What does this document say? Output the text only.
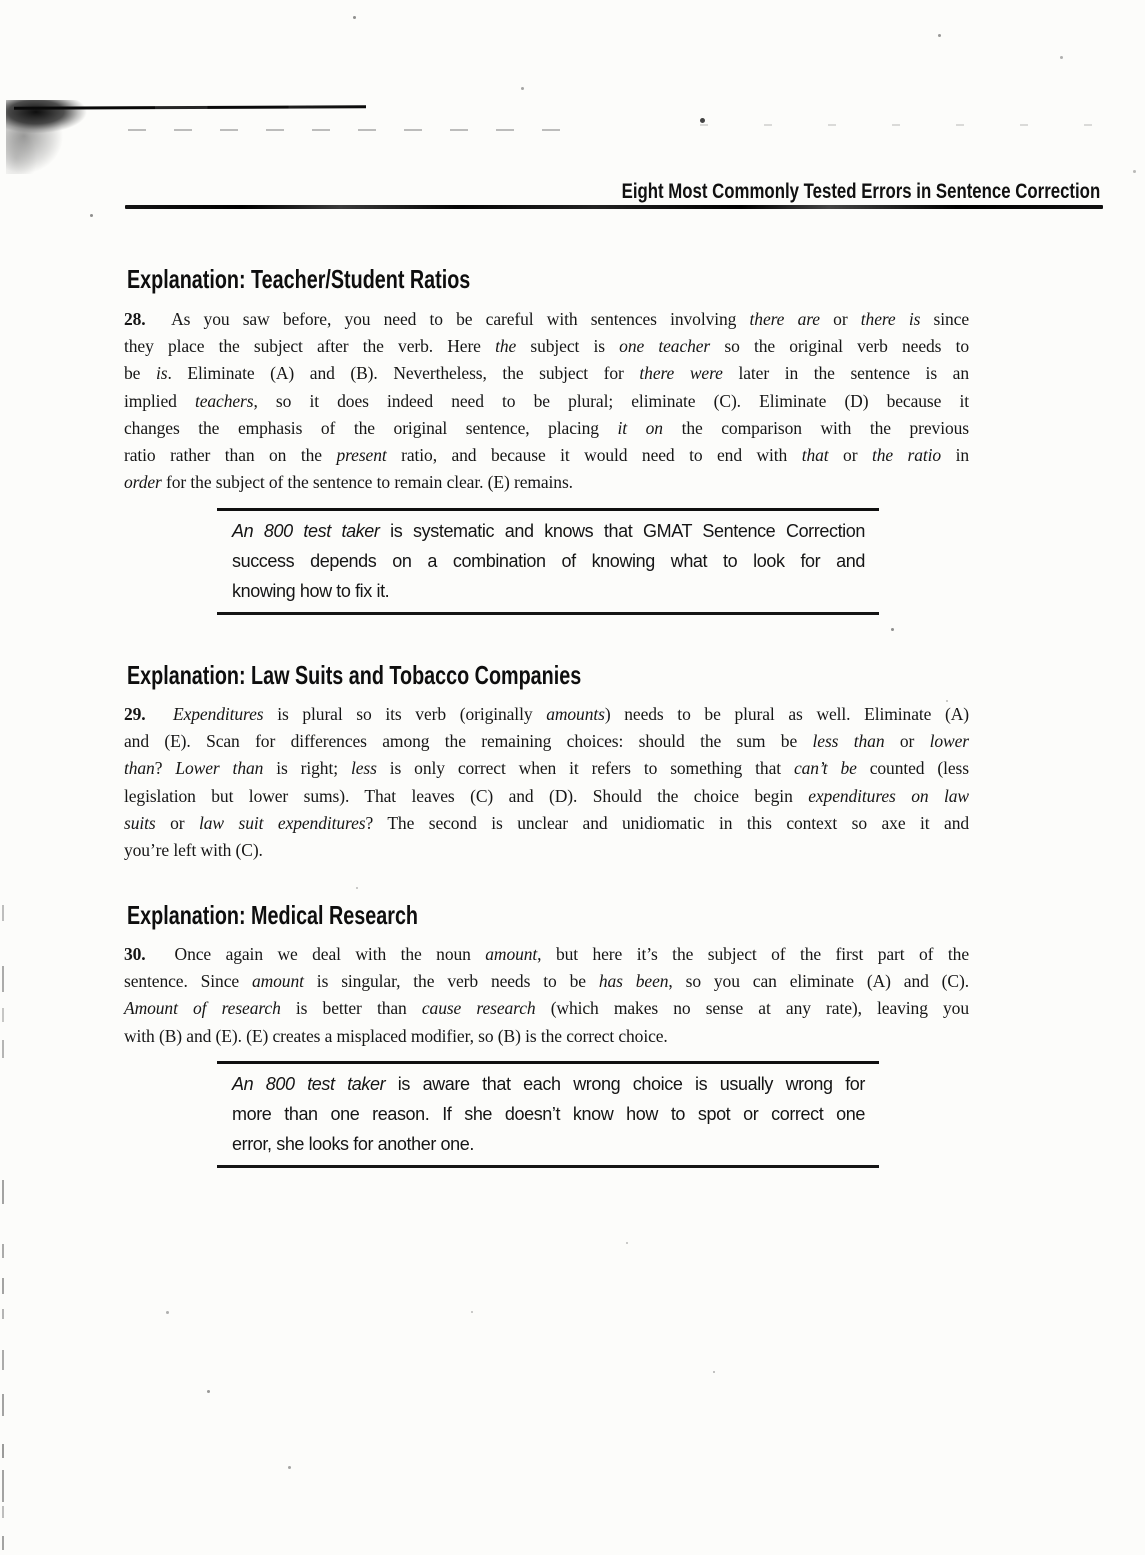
Eight Most Commonly Tested Errors in Sentence Correction
Explanation: Teacher/Student Ratios
28.  As you saw before, you need to be careful with sentences involving there are or there is since
they place the subject after the verb. Here the subject is one teacher so the original verb needs to
be is. Eliminate (A) and (B). Nevertheless, the subject for there were later in the sentence is an
implied teachers, so it does indeed need to be plural; eliminate (C). Eliminate (D) because it
changes the emphasis of the original sentence, placing it on the comparison with the previous
ratio rather than on the present ratio, and because it would need to end with that or the ratio in
order for the subject of the sentence to remain clear. (E) remains.
An 800 test taker is systematic and knows that GMAT Sentence Correction
success depends on a combination of knowing what to look for and
knowing how to fix it.
Explanation: Law Suits and Tobacco Companies
29. Expenditures is plural so its verb (originally amounts) needs to be plural as well. Eliminate (A)
and (E). Scan for differences among the remaining choices: should the sum be less than or lower
than? Lower than is right; less is only correct when it refers to something that can’t be counted (less
legislation but lower sums). That leaves (C) and (D). Should the choice begin expenditures on law
suits or law suit expenditures? The second is unclear and unidiomatic in this context so axe it and
you’re left with (C).
Explanation: Medical Research
30.  Once again we deal with the noun amount, but here it’s the subject of the first part of the
sentence. Since amount is singular, the verb needs to be has been, so you can eliminate (A) and (C).
Amount of research is better than cause research (which makes no sense at any rate), leaving you
with (B) and (E). (E) creates a misplaced modifier, so (B) is the correct choice.
An 800 test taker is aware that each wrong choice is usually wrong for
more than one reason. If she doesn’t know how to spot or correct one
error, she looks for another one.
